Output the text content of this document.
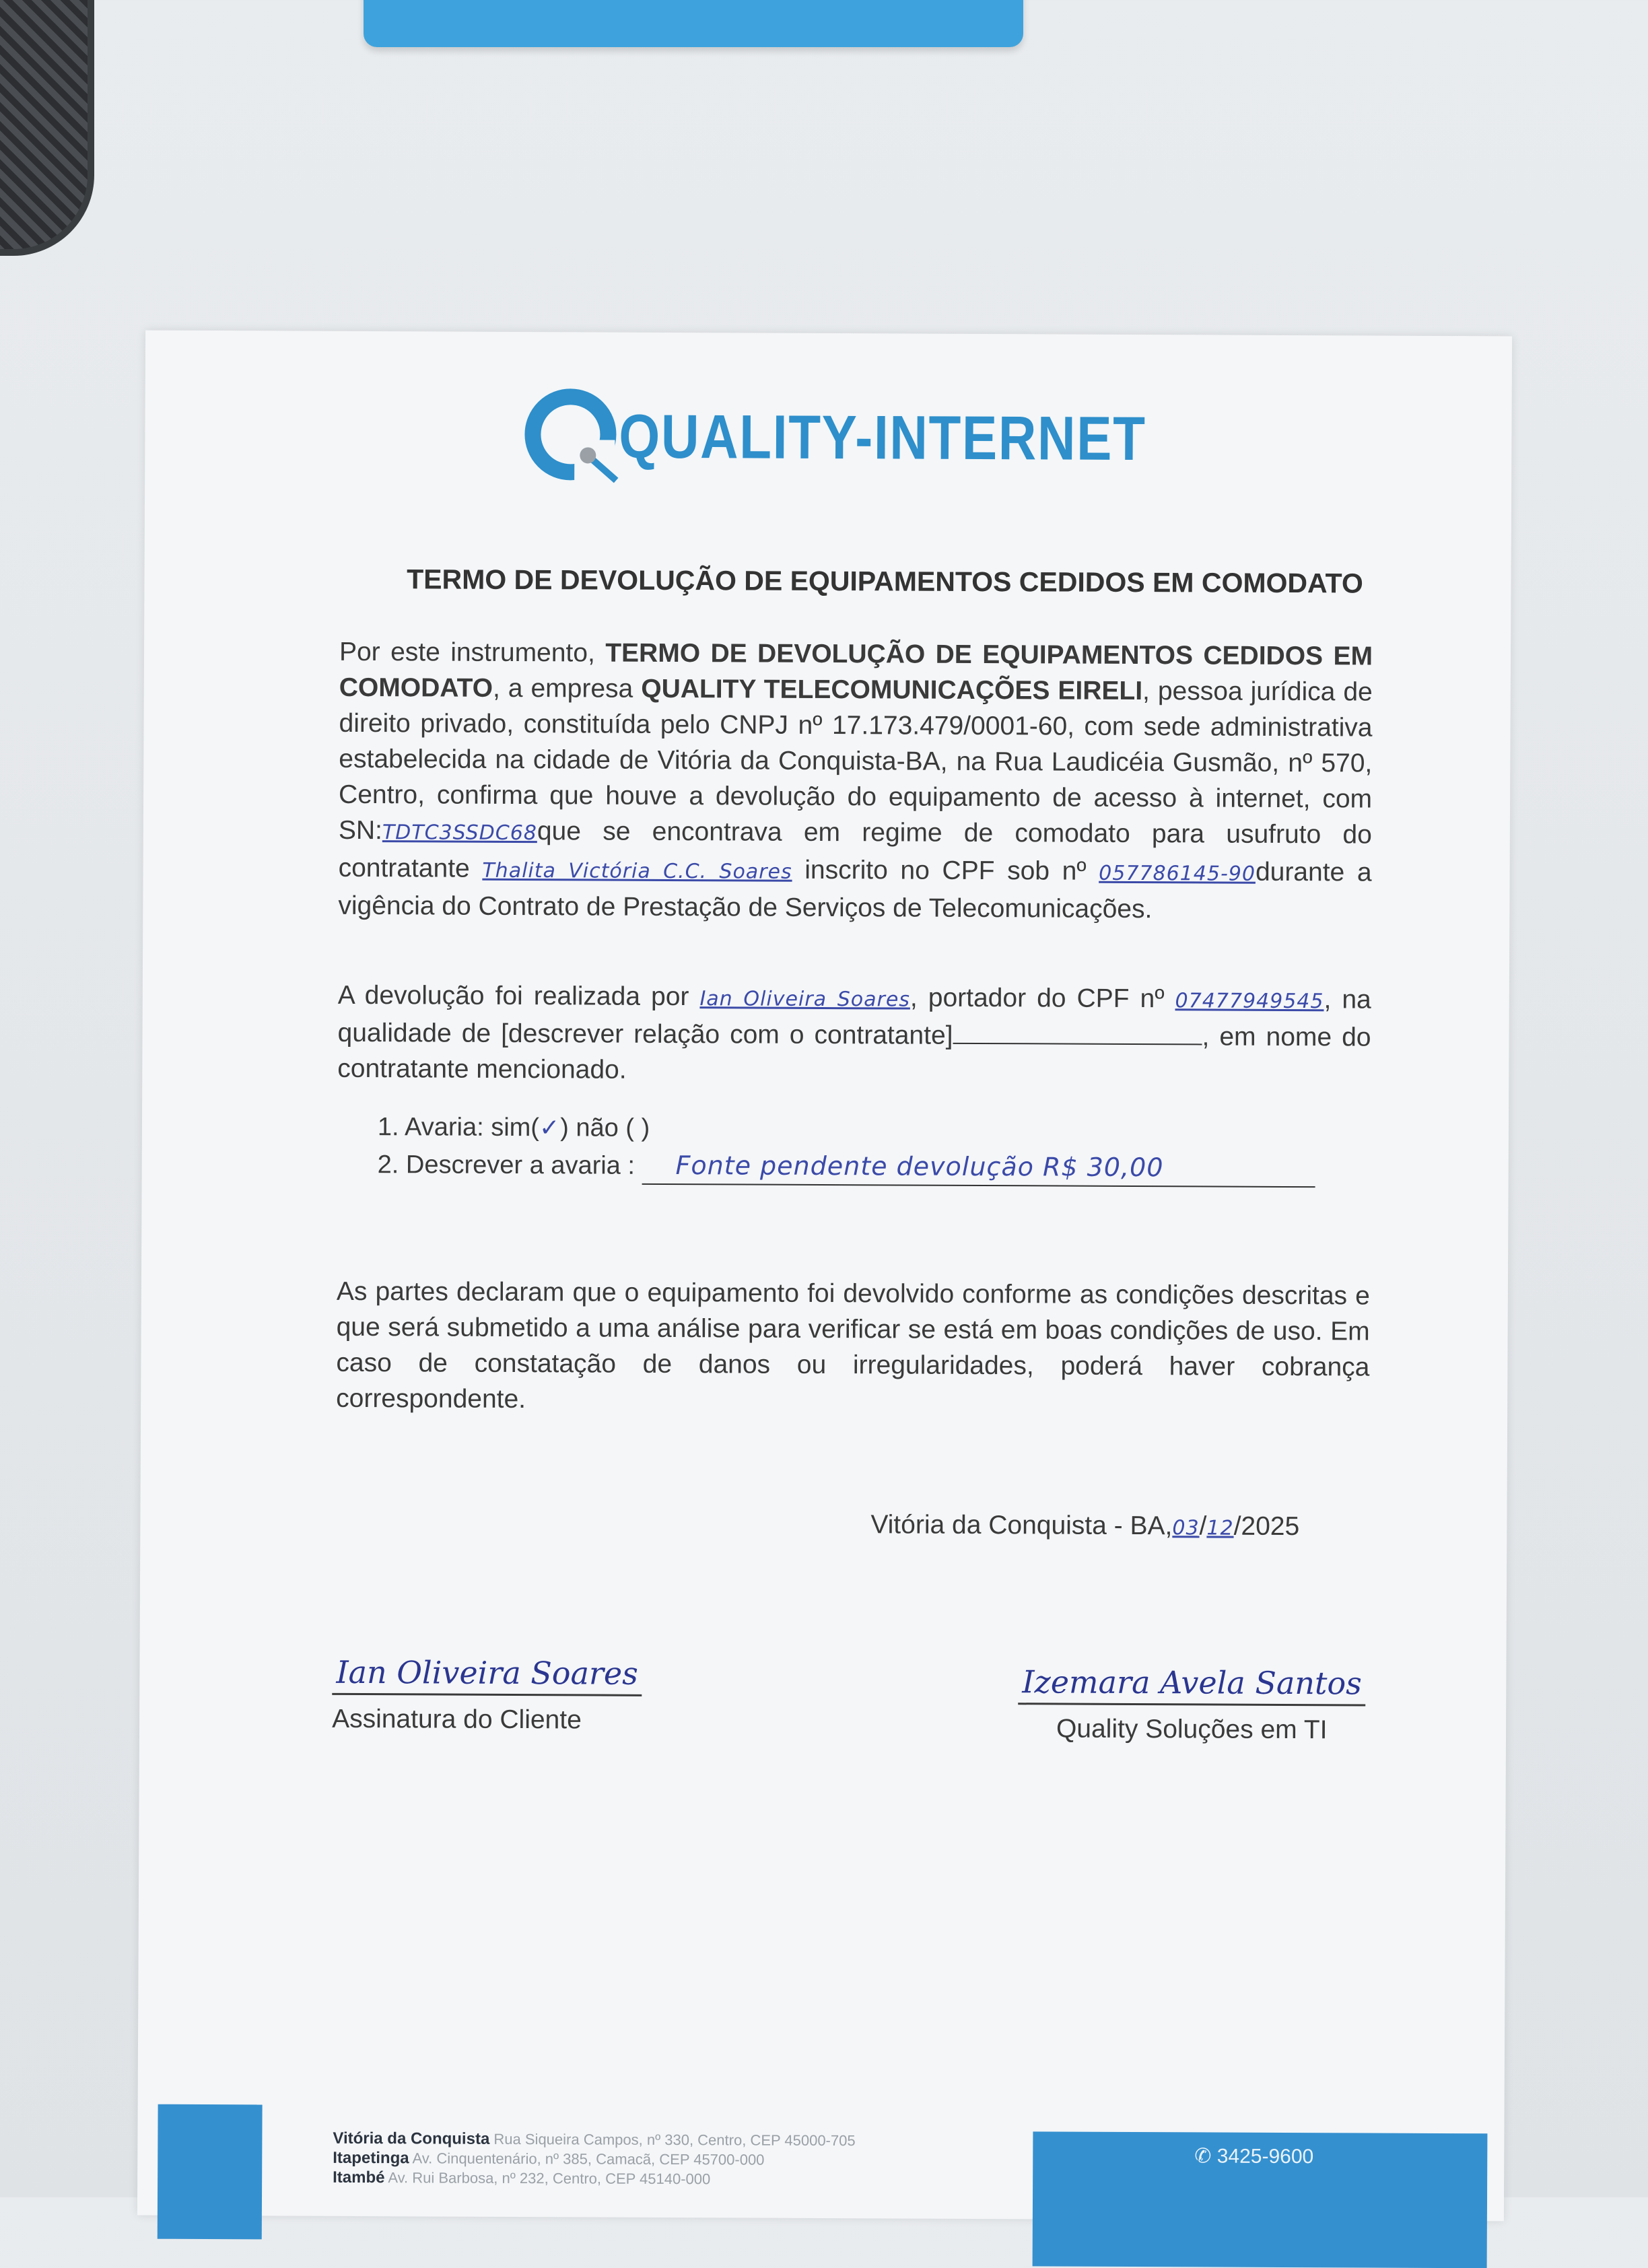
QUALITY-INTERNET
TERMO DE DEVOLUÇÃO DE EQUIPAMENTOS CEDIDOS EM COMODATO

Por este instrumento, TERMO DE DEVOLUÇÃO DE EQUIPAMENTOS CEDIDOS EM COMODATO, a empresa QUALITY TELECOMUNICAÇÕES EIRELI, pessoa jurídica de direito privado, constituída pelo CNPJ nº 17.173.479/0001-60, com sede administrativa estabelecida na cidade de Vitória da Conquista-BA, na Rua Laudicéia Gusmão, nº 570, Centro, confirma que houve a devolução do equipamento de acesso à internet, com SN:TDTC3SSDC68que se encontrava em regime de comodato para usufruto do contratante Thalita Victória C.C. Soares inscrito no CPF sob nº 057786145-90durante a vigência do Contrato de Prestação de Serviços de Telecomunicações.

A devolução foi realizada por Ian Oliveira Soares, portador do CPF nº 07477949545, na qualidade de [descrever relação com o contratante]	, em nome do contratante mencionado.

1. Avaria: sim(✓) não ( )
2. Descrever a avaria : Fonte pendente devolução R$ 30,00

As partes declaram que o equipamento foi devolvido conforme as condições descritas e que será submetido a uma análise para verificar se está em boas condições de uso. Em caso de constatação de danos ou irregularidades, poderá haver cobrança correspondente.

Vitória da Conquista - BA,03/12/2025
Ian Oliveira Soares
Assinatura do Cliente
Izemara Avela Santos
Quality Soluções em TI
Vitória da Conquista Rua Siqueira Campos, nº 330, Centro, CEP 45000-705
Itapetinga Av. Cinquentenário, nº 385, Camacã, CEP 45700-000
Itambé Av. Rui Barbosa, nº 232, Centro, CEP 45140-000
✆ 3425-9600
